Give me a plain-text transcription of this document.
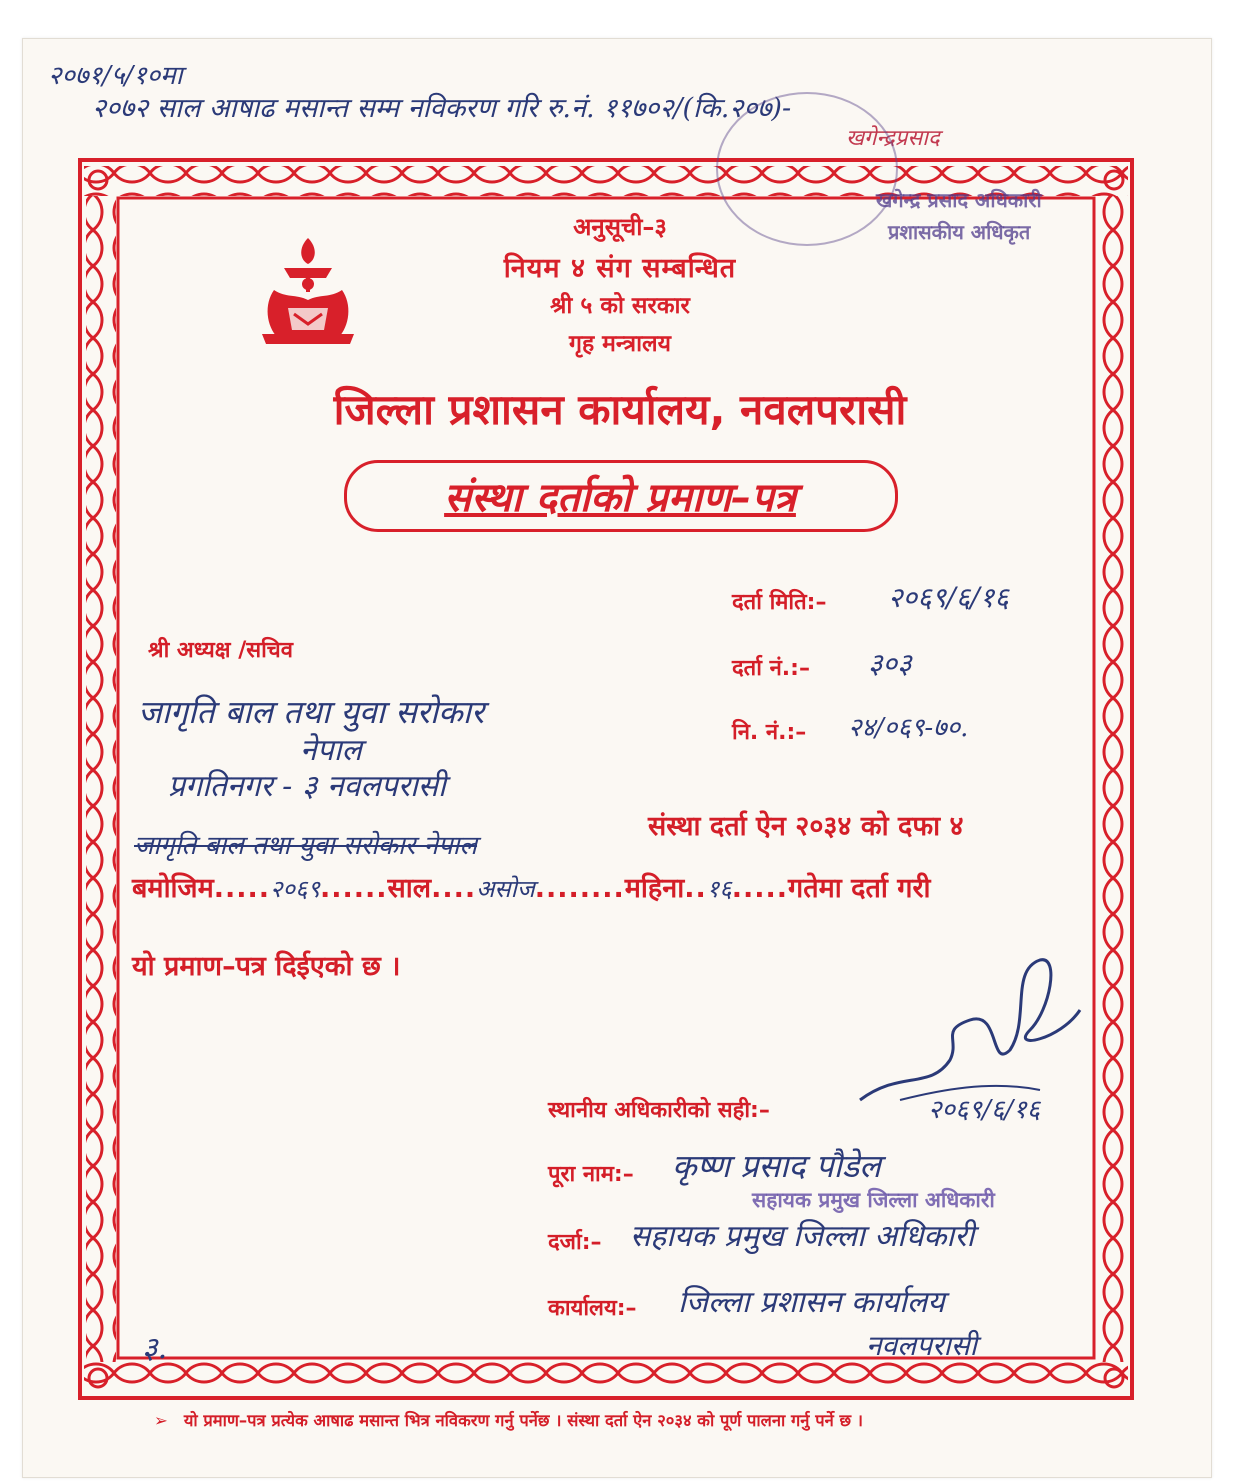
२०७१/५/१०मा
२०७२ साल आषाढ मसान्त सम्म नविकरण गरि रु.नं. ११७०२/(कि.२०७)-
खगेन्द्रप्रसाद
अनुसूची–३
नियम ४ संग सम्बन्धित
श्री ५ को सरकार
गृह मन्त्रालय
जिल्ला प्रशासन कार्यालय, नवलपरासी
संस्था दर्ताको प्रमाण–पत्र
खगेन्द्र प्रसाद अधिकारी
प्रशासकीय अधिकृत
दर्ता मिति:– २०६९/६/१६
दर्ता नं.:– ३०३
नि. नं.:– २४/०६९-७०.
श्री अध्यक्ष /सचिव
जागृति बाल तथा युवा सरोकार
नेपाल
प्रगतिनगर - ३ नवलपरासी
जागृति बाल तथा युवा सरोकार नेपाल
संस्था दर्ता ऐन २०३४ को दफा ४
बमोजिम.....२०६९......साल....असोज........महिना..१६.....गतेमा दर्ता गरी
यो प्रमाण–पत्र दिईएको छ ।
स्थानीय अधिकारीको सही:–	२०६९/६/१६
पूरा नाम:– कृष्ण प्रसाद पौडेल
सहायक प्रमुख जिल्ला अधिकारी
दर्जा:– सहायक प्रमुख जिल्ला अधिकारी
कार्यालय:– जिल्ला प्रशासन कार्यालय
नवलपरासी
३.
➢ यो प्रमाण–पत्र प्रत्येक आषाढ मसान्त भित्र नविकरण गर्नु पर्नेछ । संस्था दर्ता ऐन २०३४ को पूर्ण पालना गर्नु पर्ने छ ।
